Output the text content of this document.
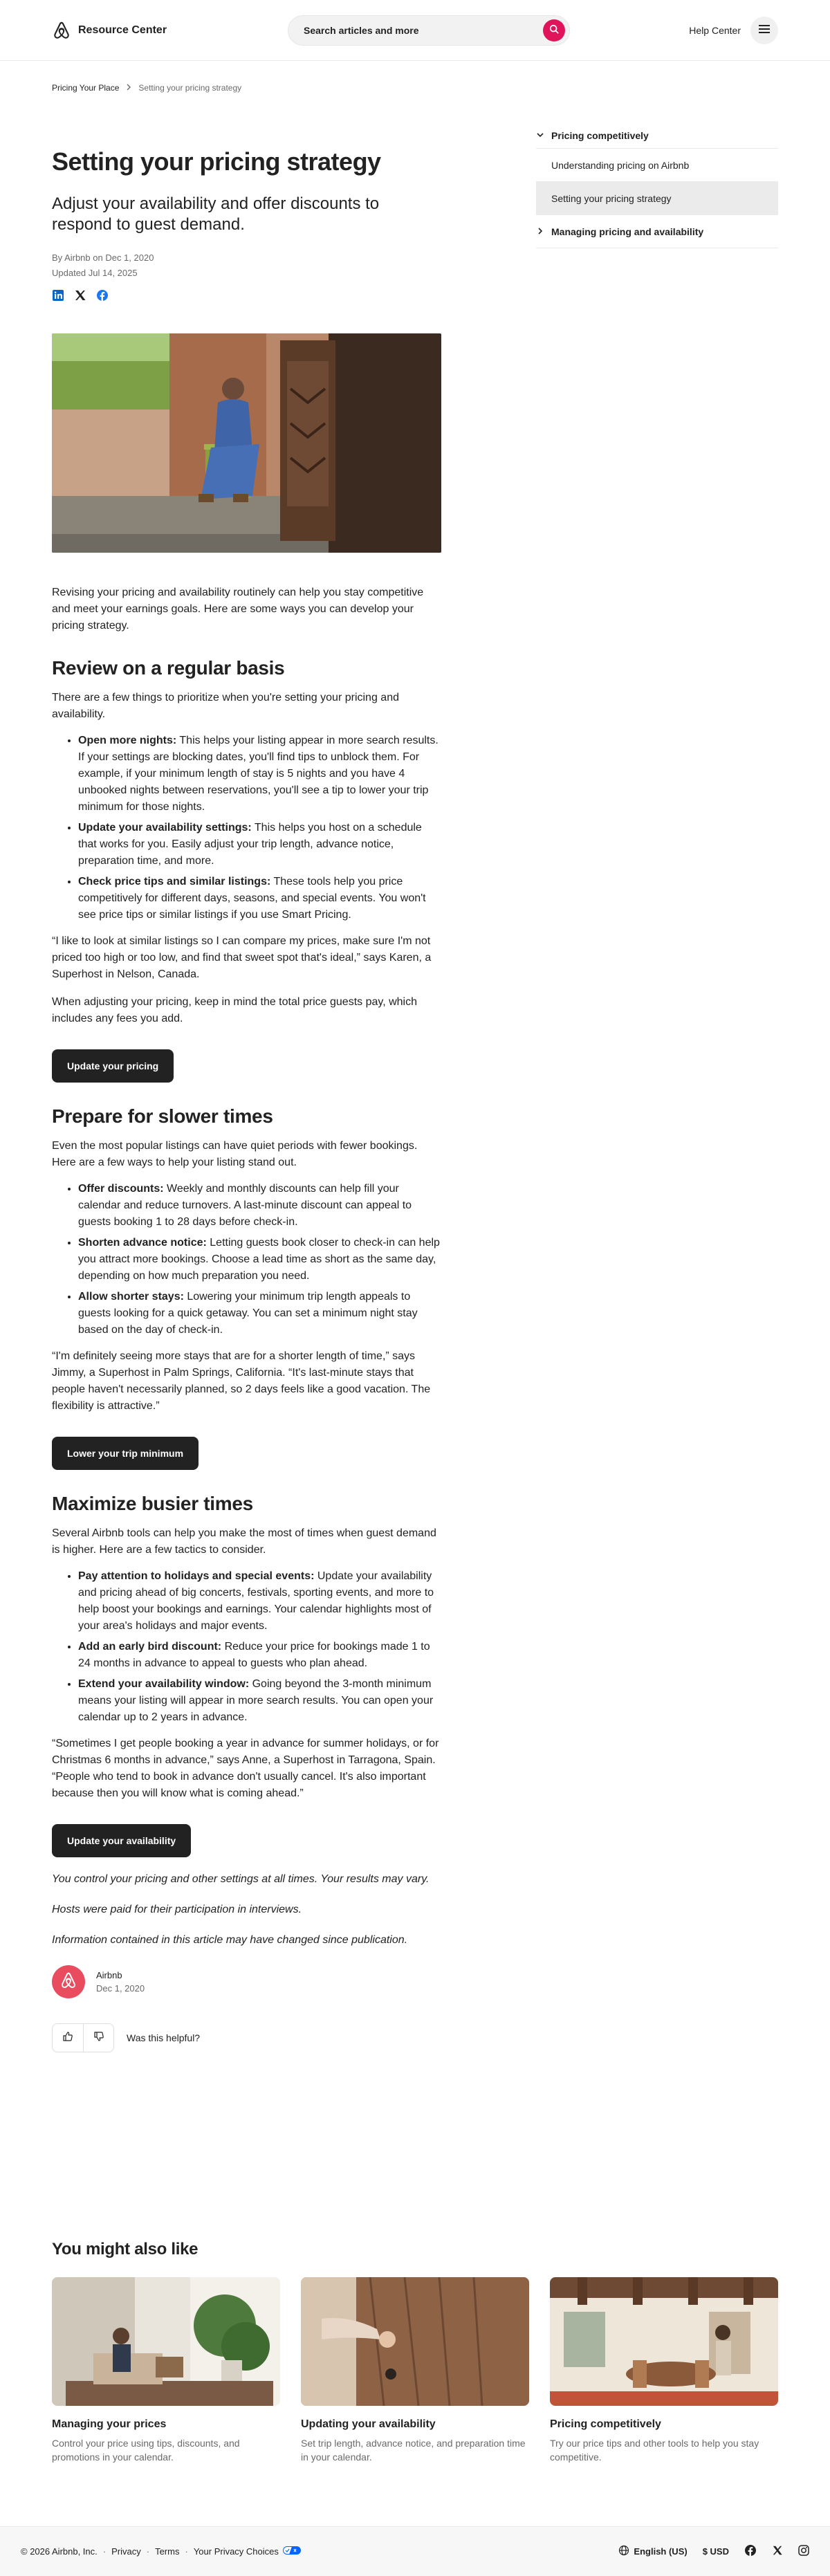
Resource Center	Search articles and more	Help Center
Pricing Your Place Setting your pricing strategy
Setting your pricing strategy

Adjust your availability and offer discounts to respond to guest demand.

By Airbnb on Dec 1, 2020
Updated Jul 14, 2025

Revising your pricing and availability routinely can help you stay competitive and meet your earnings goals. Here are some ways you can develop your pricing strategy.

Review on a regular basis

There are a few things to prioritize when you're setting your pricing and availability.

• Open more nights: This helps your listing appear in more search results. If your settings are blocking dates, you'll find tips to unblock them. For example, if your minimum length of stay is 5 nights and you have 4 unbooked nights between reservations, you'll see a tip to lower your trip minimum for those nights.
• Update your availability settings: This helps you host on a schedule that works for you. Easily adjust your trip length, advance notice, preparation time, and more.
• Check price tips and similar listings: These tools help you price competitively for different days, seasons, and special events. You won't see price tips or similar listings if you use Smart Pricing.

“I like to look at similar listings so I can compare my prices, make sure I'm not priced too high or too low, and find that sweet spot that's ideal,” says Karen, a Superhost in Nelson, Canada.

When adjusting your pricing, keep in mind the total price guests pay, which includes any fees you add.

Update your pricing
Prepare for slower times

Even the most popular listings can have quiet periods with fewer bookings. Here are a few ways to help your listing stand out.

• Offer discounts: Weekly and monthly discounts can help fill your calendar and reduce turnovers. A last-minute discount can appeal to guests booking 1 to 28 days before check-in.
• Shorten advance notice: Letting guests book closer to check-in can help you attract more bookings. Choose a lead time as short as the same day, depending on how much preparation you need.
• Allow shorter stays: Lowering your minimum trip length appeals to guests looking for a quick getaway. You can set a minimum night stay based on the day of check-in.

“I'm definitely seeing more stays that are for a shorter length of time,” says Jimmy, a Superhost in Palm Springs, California. “It's last-minute stays that people haven't necessarily planned, so 2 days feels like a good vacation. The flexibility is attractive.”

Lower your trip minimum
Maximize busier times

Several Airbnb tools can help you make the most of times when guest demand is higher. Here are a few tactics to consider.

• Pay attention to holidays and special events: Update your availability and pricing ahead of big concerts, festivals, sporting events, and more to help boost your bookings and earnings. Your calendar highlights most of your area's holidays and major events.
• Add an early bird discount: Reduce your price for bookings made 1 to 24 months in advance to appeal to guests who plan ahead.
• Extend your availability window: Going beyond the 3-month minimum means your listing will appear in more search results. You can open your calendar up to 2 years in advance.

“Sometimes I get people booking a year in advance for summer holidays, or for Christmas 6 months in advance,” says Anne, a Superhost in Tarragona, Spain. “People who tend to book in advance don't usually cancel. It's also important because then you will know what is coming ahead.”

Update your availability

You control your pricing and other settings at all times. Your results may vary.

Hosts were paid for their participation in interviews.

Information contained in this article may have changed since publication.

Airbnb
Dec 1, 2020
Was this helpful?
Pricing competitively
Understanding pricing on Airbnb
Setting your pricing strategy
Managing pricing and availability
You might also like
Managing your prices
Control your price using tips, discounts, and promotions in your calendar.
Updating your availability
Set trip length, advance notice, and preparation time in your calendar.
Pricing competitively
Try our price tips and other tools to help you stay competitive.
© 2026 Airbnb, Inc. · Privacy · Terms · Your Privacy Choices	English (US) $ USD
